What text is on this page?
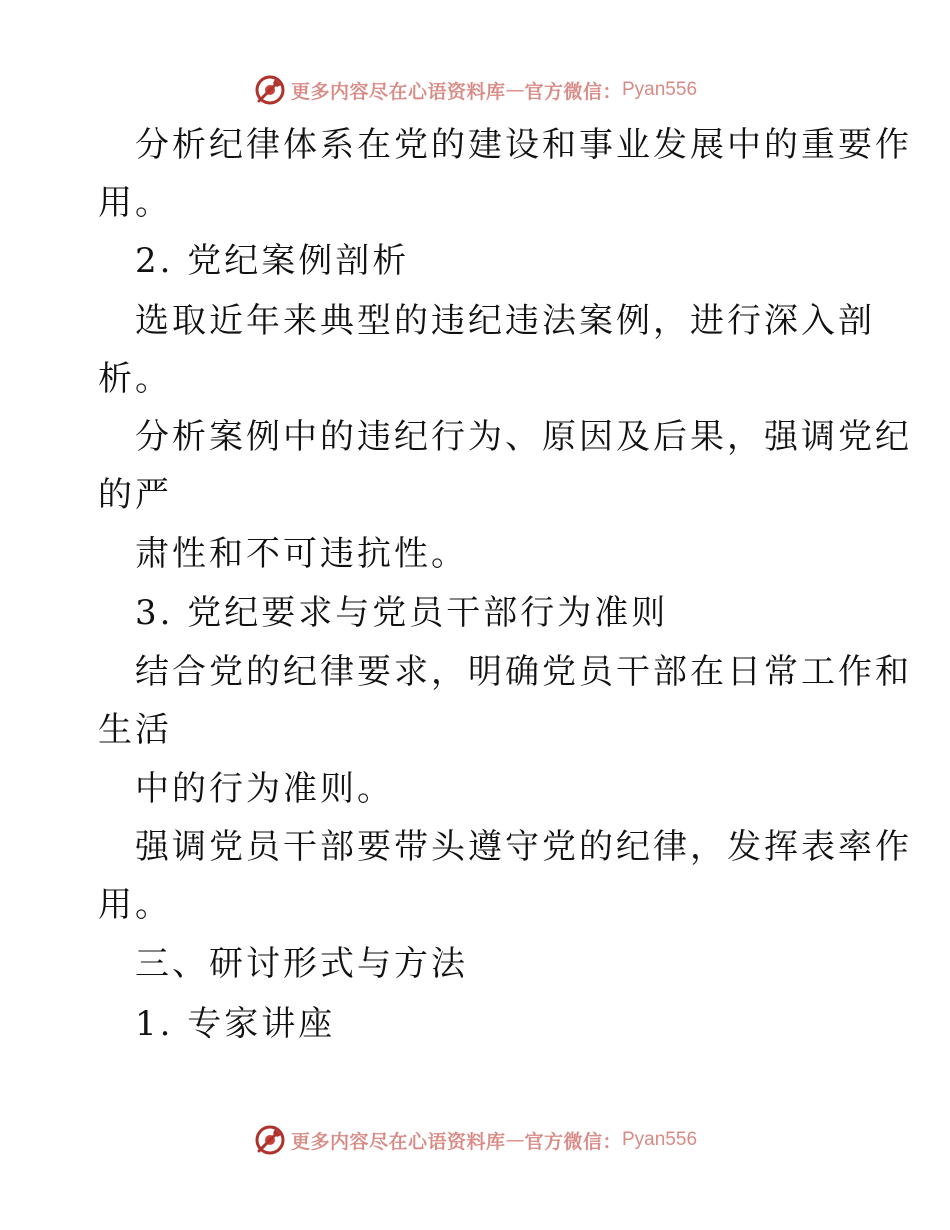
更多内容尽在心语资料库 — 官方微信： Pyan556
分析纪律体系在党的建设和事业发展中的重要作
用。
2. 党纪案例剖析
选取近年来典型的违纪违法案例，进行深入剖
析。
分析案例中的违纪行为、原因及后果，强调党纪
的严
肃性和不可违抗性。
3. 党纪要求与党员干部行为准则
结合党的纪律要求，明确党员干部在日常工作和
生活
中的行为准则。
强调党员干部要带头遵守党的纪律，发挥表率作
用。
三、研讨形式与方法
1. 专家讲座
更多内容尽在心语资料库 — 官方微信： Pyan556
